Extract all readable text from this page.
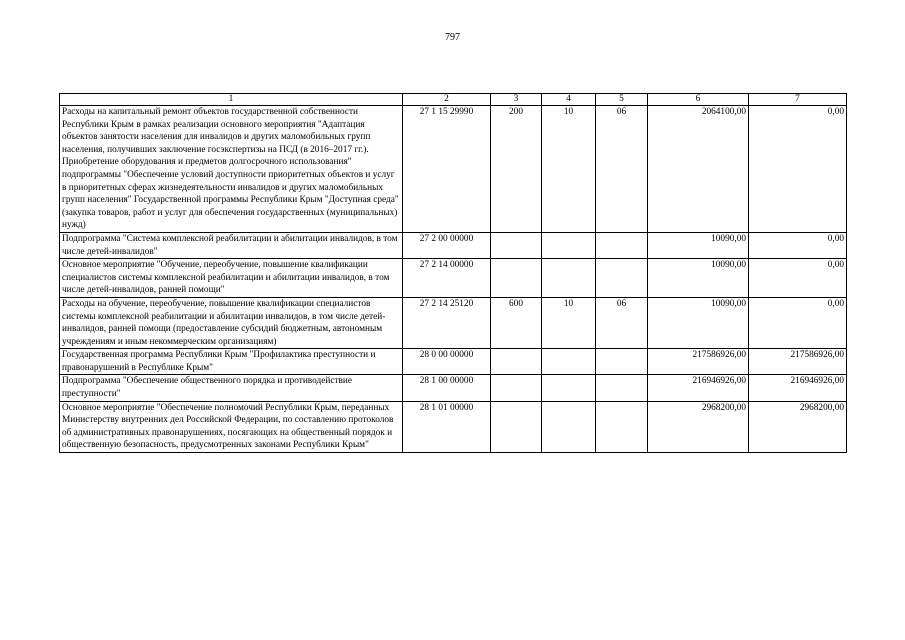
797
1	2	3	4	5	6	7
Расходы на капитальный ремонт объектов государственной собственности Республики Крым в рамках реализации основного мероприятия "Адаптация объектов занятости населения для инвалидов и других маломобильных групп населения, получивших заключение госэкспертизы на ПСД (в 2016–2017 гг.). Приобретение оборудования и предметов долгосрочного использования" подпрограммы "Обеспечение условий доступности приоритетных объектов и услуг в приоритетных сферах жизнедеятельности инвалидов и других маломобильных групп населения" Государственной программы Республики Крым "Доступная среда" (закупка товаров, работ и услуг для обеспечения государственных (муниципальных) нужд)	27 1 15 29990	200	10	06	2064100,00	0,00
Подпрограмма "Система комплексной реабилитации и абилитации инвалидов, в том числе детей-инвалидов"	27 2 00 00000				10090,00	0,00
Основное мероприятие "Обучение, переобучение, повышение квалификации специалистов системы комплексной реабилитации и абилитации инвалидов, в том числе детей-инвалидов, ранней помощи"	27 2 14 00000				10090,00	0,00
Расходы на обучение, переобучение, повышение квалификации специалистов системы комплексной реабилитации и абилитации инвалидов, в том числе детей-инвалидов, ранней помощи (предоставление субсидий бюджетным, автономным учреждениям и иным некоммерческим организациям)	27 2 14 25120	600	10	06	10090,00	0,00
Государственная программа Республики Крым "Профилактика преступности и правонарушений в Республике Крым"	28 0 00 00000				217586926,00	217586926,00
Подпрограмма "Обеспечение общественного порядка и противодействие преступности"	28 1 00 00000				216946926,00	216946926,00
Основное мероприятие "Обеспечение полномочий Республики Крым, переданных Министерству внутренних дел Российской Федерации, по составлению протоколов об административных правонарушениях, посягающих на общественный порядок и общественную безопасность, предусмотренных законами Республики Крым"	28 1 01 00000				2968200,00	2968200,00
